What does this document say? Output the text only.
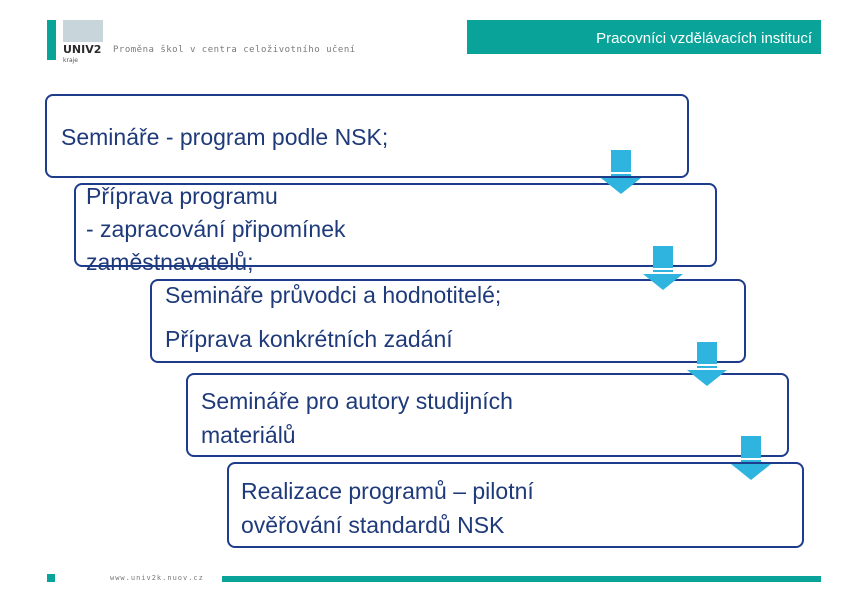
UNIV2
kraje
Proměna škol v centra celoživotního učení
Pracovníci vzdělávacích institucí

Semináře - program podle NSK;

Příprava programu
- zapracování připomínek
zaměstnavatelů;

Semináře průvodci a hodnotitelé;

Příprava konkrétních zadání

Semináře pro autory studijních
materiálů

Realizace programů – pilotní
ověřování standardů NSK

www.univ2k.nuov.cz
